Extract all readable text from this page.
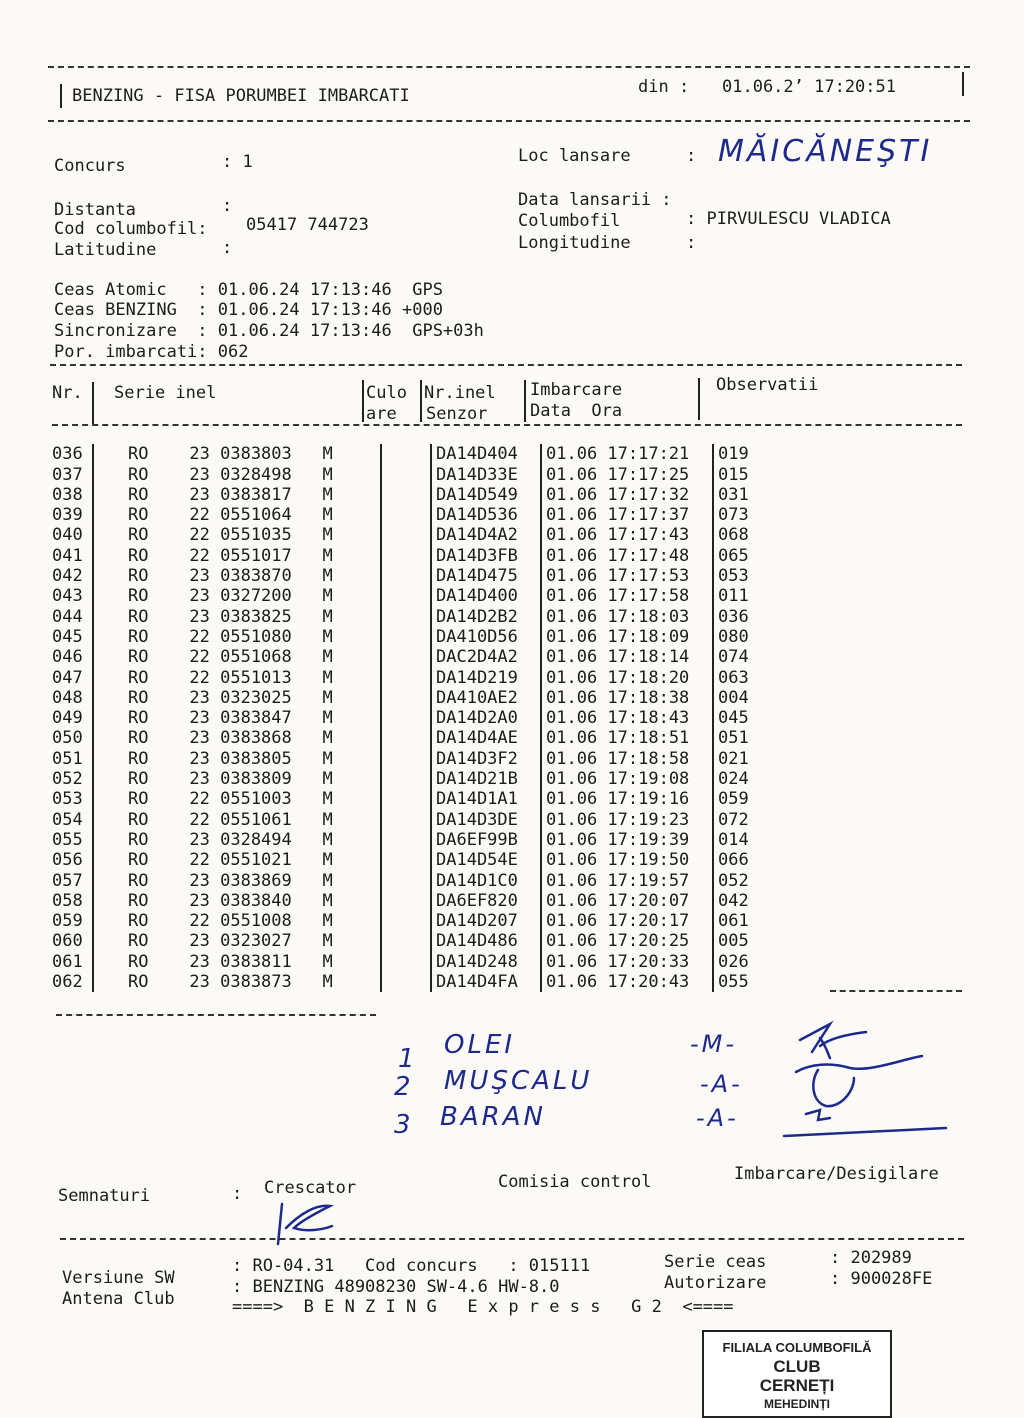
BENZING - FISA PORUMBEI IMBARCATI	din : 01.06.2’ 17:20:51
Concurs	: 1	Loc lansare	: MĂICĂNEŞTI
Distanta	:	Data lansarii :
Cod columbofil: 05417 744723	Columbofil	: PIRVULESCU VLADICA
Latitudine	:	Longitudine	:
Ceas Atomic   : 01.06.24 17:13:46  GPS
Ceas BENZING  : 01.06.24 17:13:46 +000
Sincronizare  : 01.06.24 17:13:46  GPS+03h
Por. imbarcati: 062
Nr. Serie inel	Culo
are
Nr.inel
Senzor
Imbarcare
Data  Ora
Observatii
036	RO    23 0383803   M		DA14D404	01.06 17:17:21	019
037	RO    23 0328498   M		DA14D33E	01.06 17:17:25	015
038	RO    23 0383817   M		DA14D549	01.06 17:17:32	031
039	RO    22 0551064   M		DA14D536	01.06 17:17:37	073
040	RO    22 0551035   M		DA14D4A2	01.06 17:17:43	068
041	RO    22 0551017   M		DA14D3FB	01.06 17:17:48	065
042	RO    23 0383870   M		DA14D475	01.06 17:17:53	053
043	RO    23 0327200   M		DA14D400	01.06 17:17:58	011
044	RO    23 0383825   M		DA14D2B2	01.06 17:18:03	036
045	RO    22 0551080   M		DA410D56	01.06 17:18:09	080
046	RO    22 0551068   M		DAC2D4A2	01.06 17:18:14	074
047	RO    22 0551013   M		DA14D219	01.06 17:18:20	063
048	RO    23 0323025   M		DA410AE2	01.06 17:18:38	004
049	RO    23 0383847   M		DA14D2A0	01.06 17:18:43	045
050	RO    23 0383868   M		DA14D4AE	01.06 17:18:51	051
051	RO    23 0383805   M		DA14D3F2	01.06 17:18:58	021
052	RO    23 0383809   M		DA14D21B	01.06 17:19:08	024
053	RO    22 0551003   M		DA14D1A1	01.06 17:19:16	059
054	RO    22 0551061   M		DA14D3DE	01.06 17:19:23	072
055	RO    23 0328494   M		DA6EF99B	01.06 17:19:39	014
056	RO    22 0551021   M		DA14D54E	01.06 17:19:50	066
057	RO    23 0383869   M		DA14D1C0	01.06 17:19:57	052
058	RO    23 0383840   M		DA6EF820	01.06 17:20:07	042
059	RO    22 0551008   M		DA14D207	01.06 17:20:17	061
060	RO    23 0323027   M		DA14D486	01.06 17:20:25	005
061	RO    23 0383811   M		DA14D248	01.06 17:20:33	026
062	RO    23 0383873   M		DA14D4FA	01.06 17:20:43	055
1 OLEI	-M-
2 MUŞCALU	-A-
3 BARAN	-A-
Semnaturi	: Crescator	Comisia control	Imbarcare/Desigilare
Versiune SW
Antena Club
: RO-04.31   Cod concurs   : 015111
: BENZING 48908230 SW-4.6 HW-8.0
Serie ceas	: 202989
Autorizare	: 900028FE
====>  B E N Z I N G   E x p r e s s   G 2  <====
FILIALA COLUMBOFILĂ
CLUB
CERNEȚI
MEHEDINȚI
